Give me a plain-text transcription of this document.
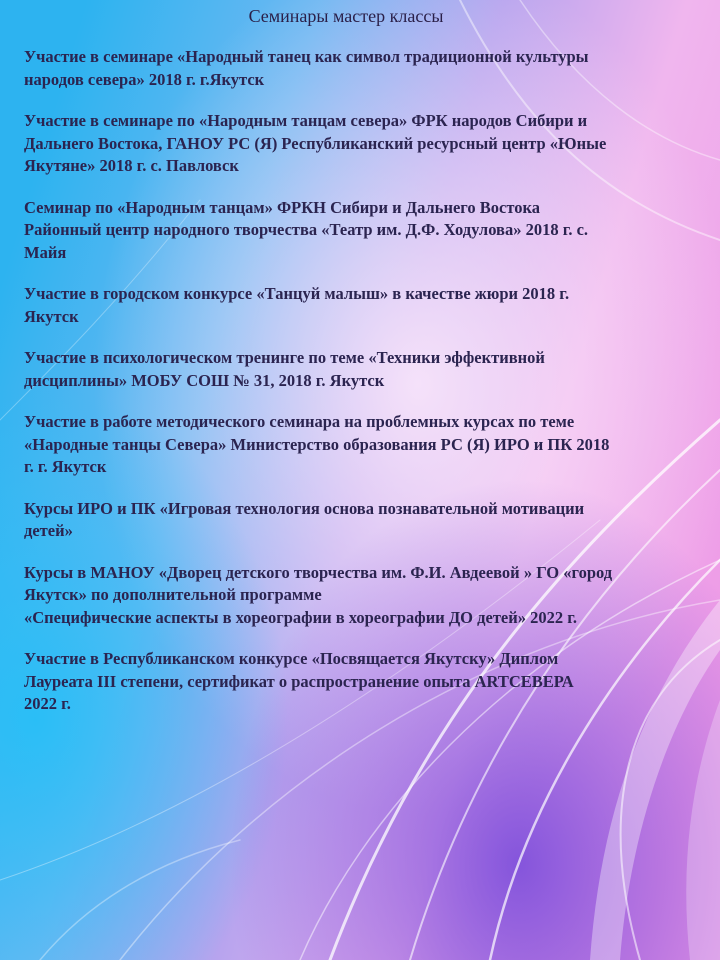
Семинары мастер классы
Участие в семинаре «Народный танец как символ традиционной культуры
народов севера» 2018 г. г.Якутск
Участие в семинаре по «Народным танцам севера» ФРК народов Сибири и
Дальнего Востока, ГАНОУ РС (Я) Республиканский ресурсный центр «Юные
Якутяне» 2018 г. с. Павловск
Семинар по «Народным танцам» ФРКН Сибири и Дальнего Востока
Районный центр народного творчества «Театр им. Д.Ф. Ходулова» 2018 г. с.
Майя
Участие в городском конкурсе «Танцуй малыш» в качестве жюри 2018 г.
Якутск
Участие в психологическом тренинге по теме «Техники эффективной
дисциплины» МОБУ СОШ № 31, 2018 г. Якутск
Участие в работе методического семинара на проблемных курсах по теме
«Народные танцы Севера» Министерство образования РС (Я) ИРО и ПК 2018
г. г. Якутск
Курсы ИРО и ПК «Игровая технология основа познавательной мотивации
детей»
Курсы в МАНОУ «Дворец детского творчества им. Ф.И. Авдеевой » ГО «город
Якутск» по дополнительной программе
«Специфические аспекты в хореографии в хореографии ДО детей» 2022 г.
Участие в Республиканском конкурсе «Посвящается Якутску» Диплом
Лауреата III степени, сертификат о распространение опыта ARTСЕВЕРА
2022 г.
